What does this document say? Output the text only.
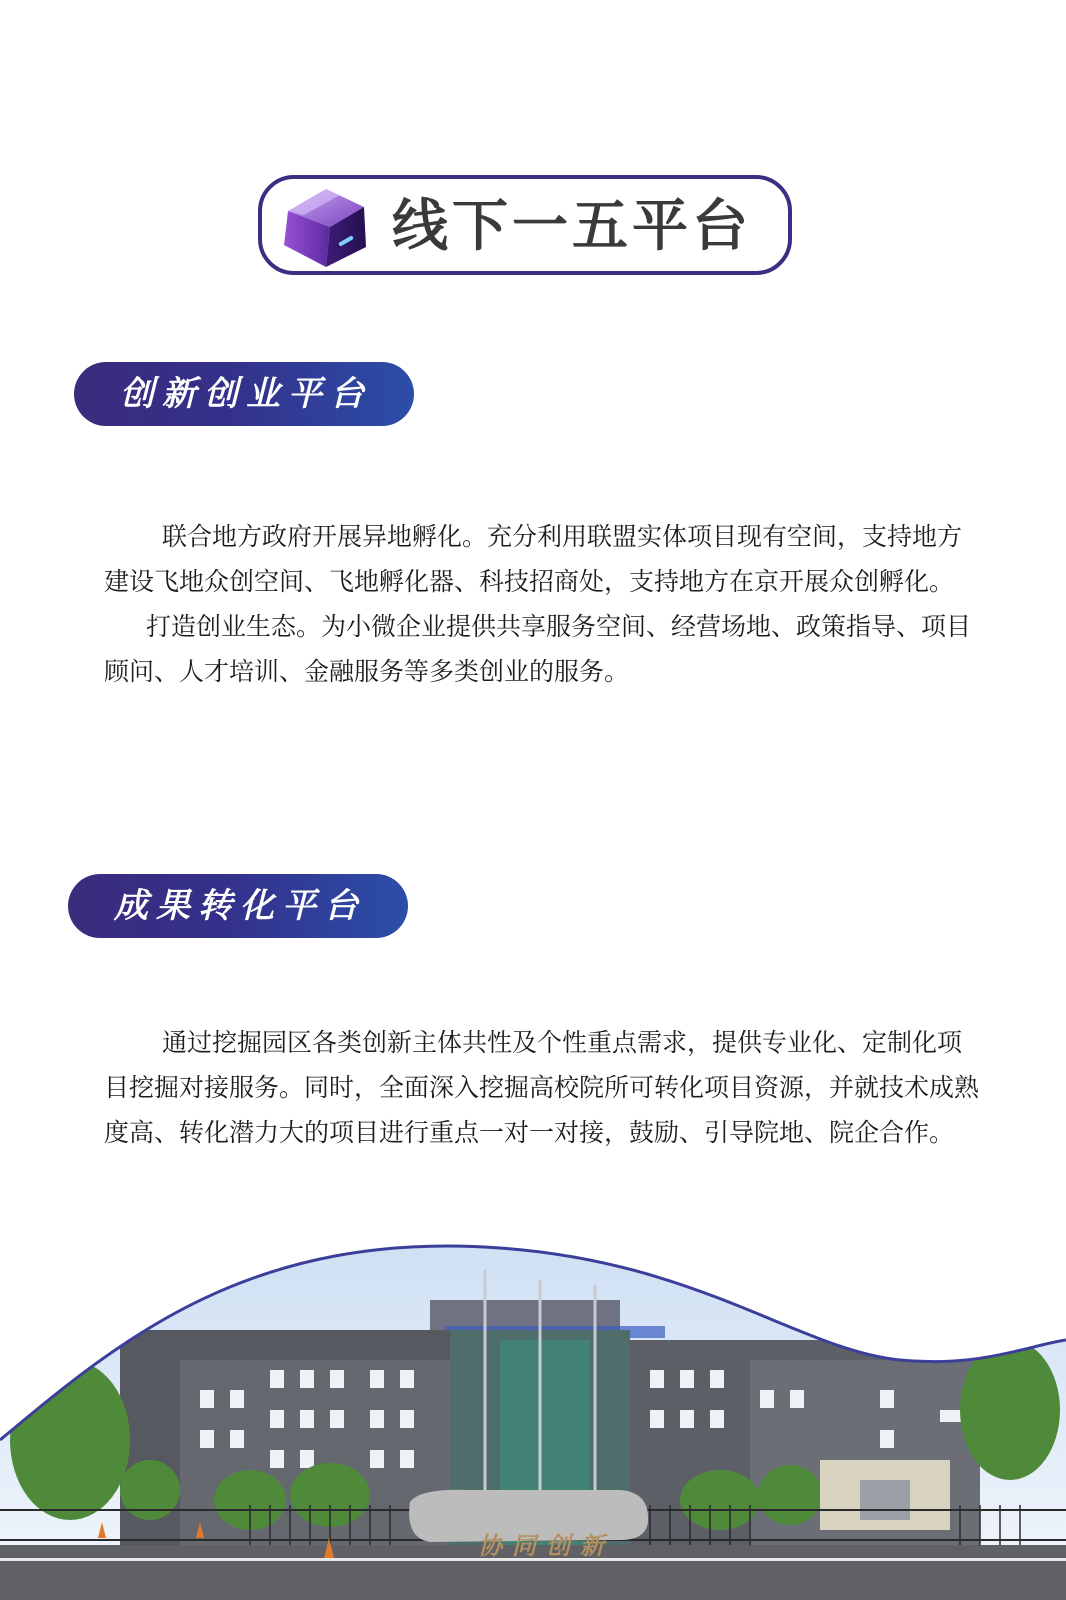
线下一五平台
创新创业平台
联合地方政府开展异地孵化。充分利用联盟实体项目现有空间，支持地方建设飞地众创空间、飞地孵化器、科技招商处，支持地方在京开展众创孵化。
打造创业生态。为小微企业提供共享服务空间、经营场地、政策指导、项目顾问、人才培训、金融服务等多类创业的服务。
成果转化平台
通过挖掘园区各类创新主体共性及个性重点需求，提供专业化、定制化项目挖掘对接服务。同时，全面深入挖掘高校院所可转化项目资源，并就技术成熟度高、转化潜力大的项目进行重点一对一对接，鼓励、引导院地、院企合作。
协同创新
